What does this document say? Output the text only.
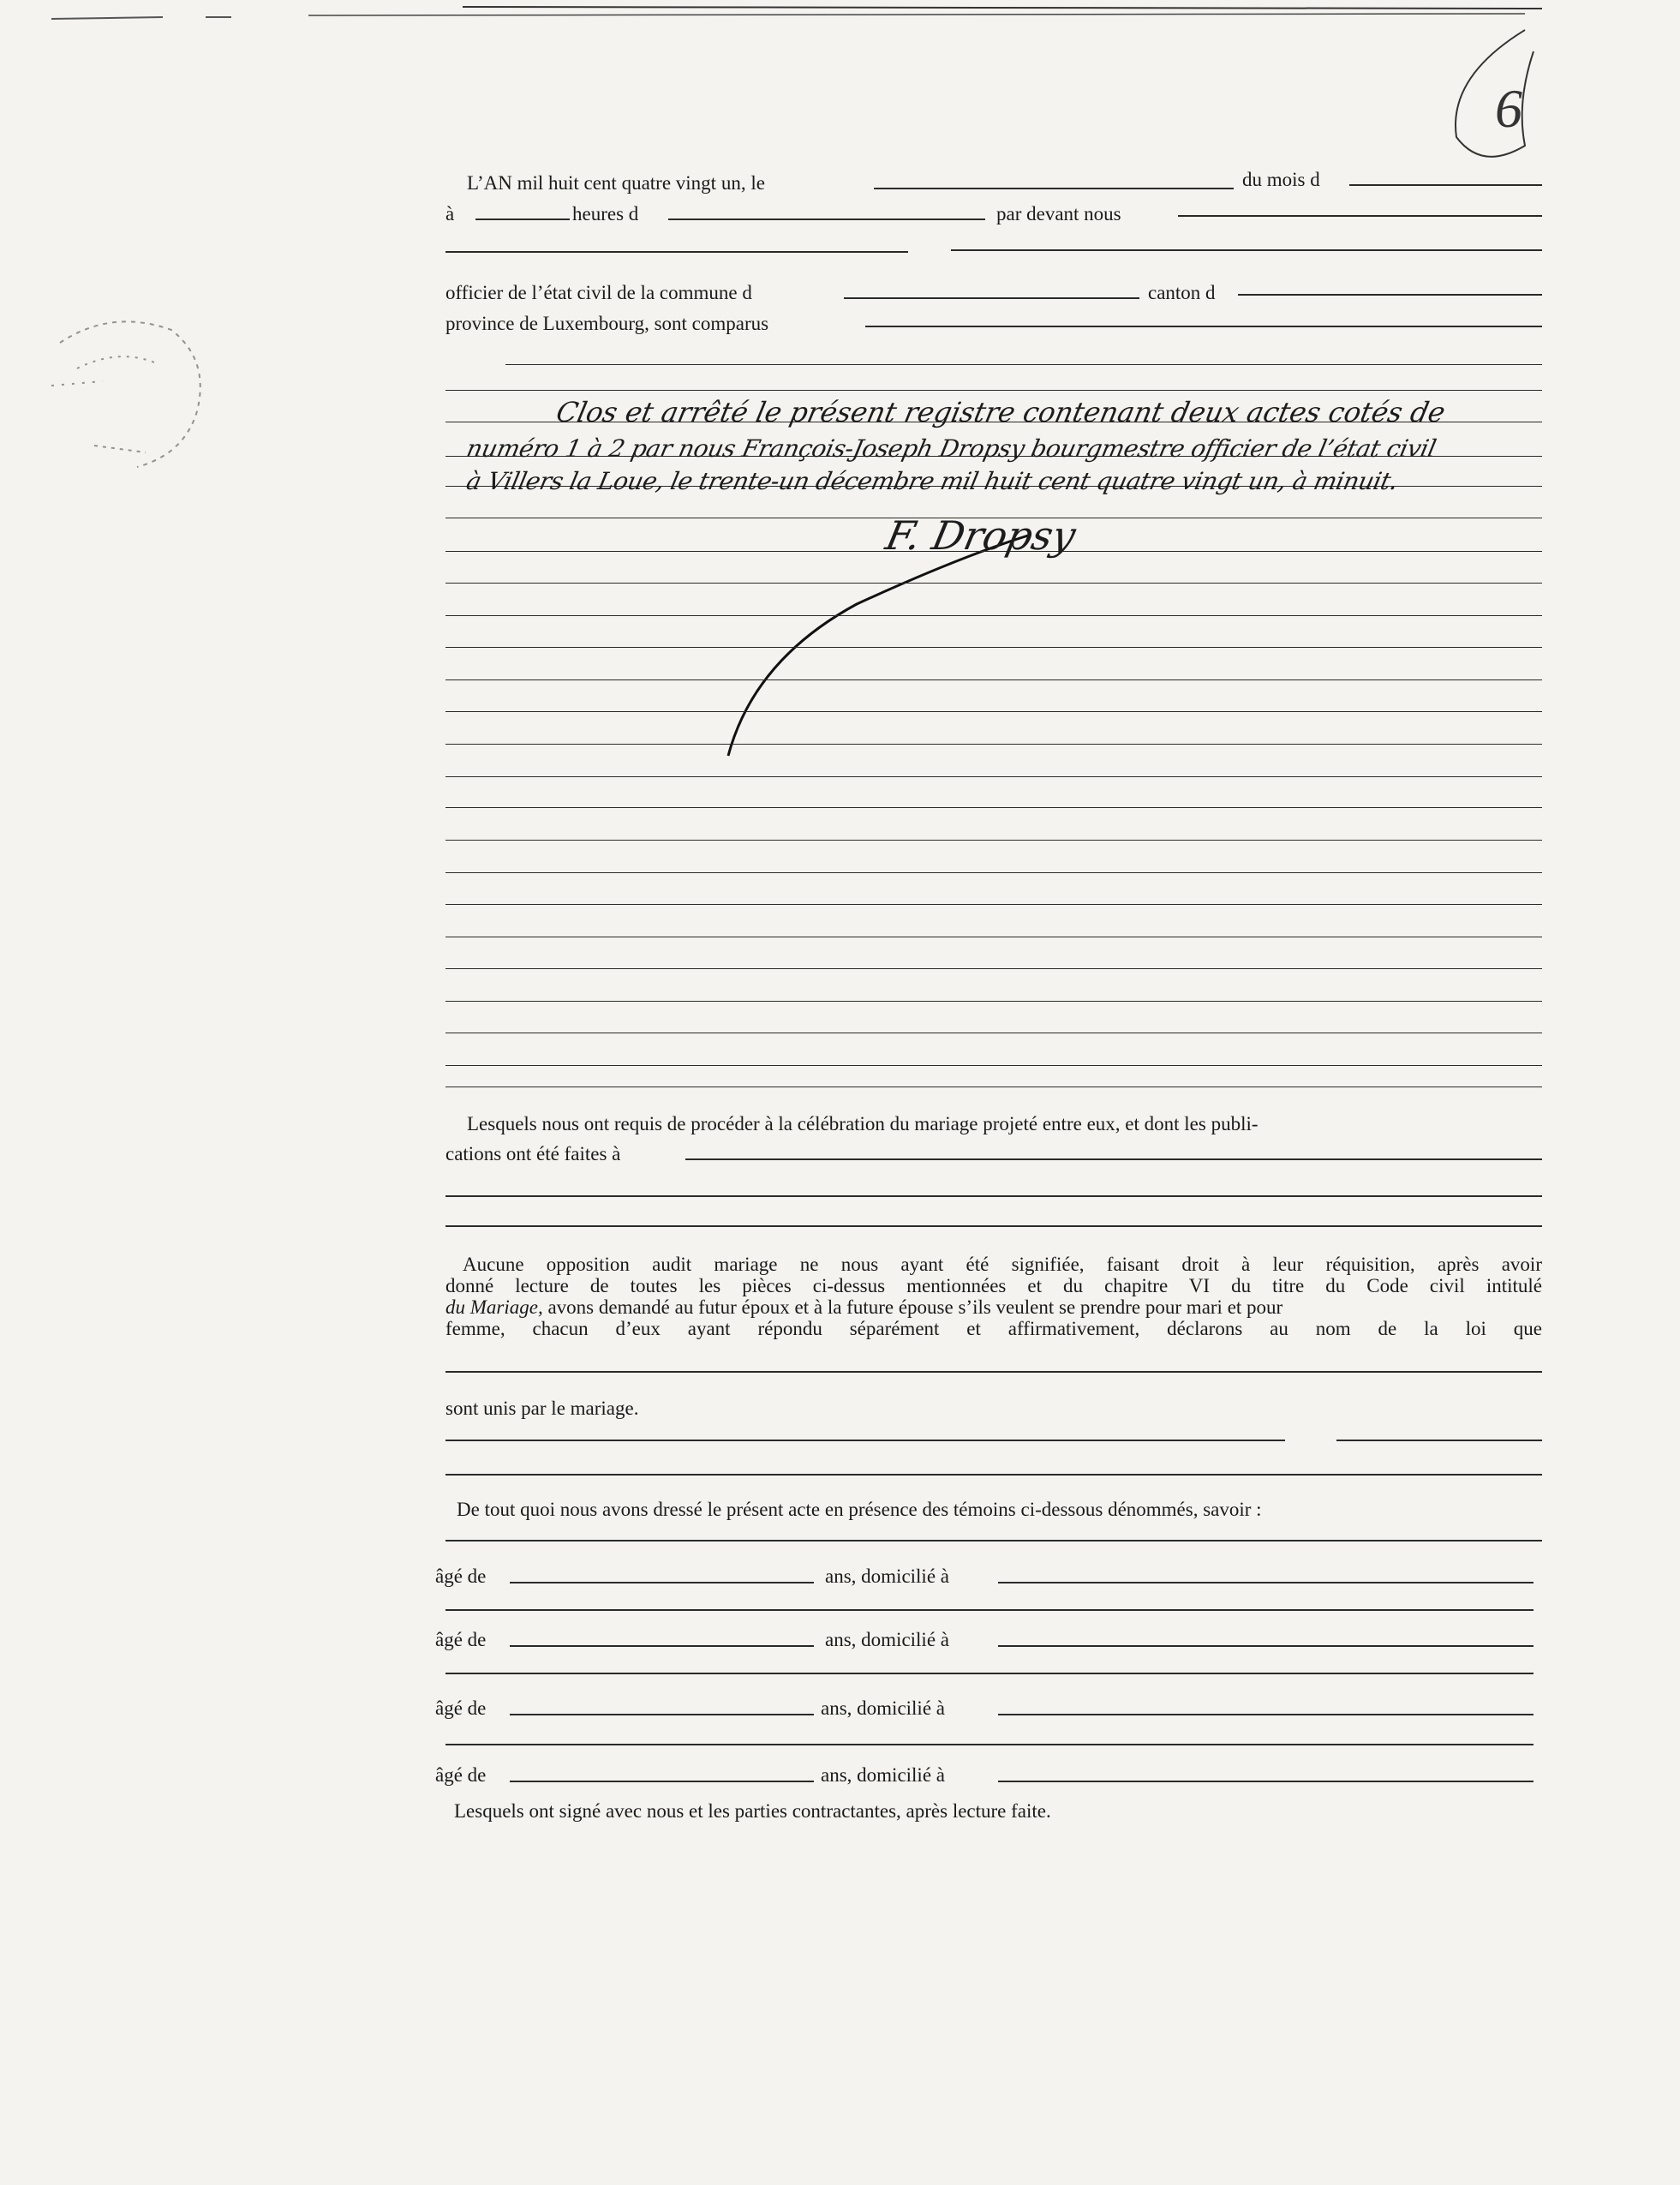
6
L’AN mil huit cent quatre vingt un, le	du mois d
à	heures d	par devant nous
officier de l’état civil de la commune d	canton d
province de Luxembourg, sont comparus
Clos et arrêté le présent registre contenant deux actes cotés de
numéro 1 à 2 par nous François-Joseph Dropsy bourgmestre officier de l’état civil
à Villers la Loue, le trente-un décembre mil huit cent quatre vingt un, à minuit.
F. Dropsy
Lesquels nous ont requis de procéder à la célébration du mariage projeté entre eux, et dont les publi-
cations ont été faites à
Aucune opposition audit mariage ne nous ayant été signifiée, faisant droit à leur réquisition, après avoir
donné lecture de toutes les pièces ci-dessus mentionnées et du chapitre VI du titre du Code civil intitulé
du Mariage, avons demandé au futur époux et à la future épouse s’ils veulent se prendre pour mari et pour
femme, chacun d’eux ayant répondu séparément et affirmativement, déclarons au nom de la loi que
sont unis par le mariage.
De tout quoi nous avons dressé le présent acte en présence des témoins ci-dessous dénommés, savoir :
âgé de	ans, domicilié à
âgé de	ans, domicilié à
âgé de	ans, domicilié à
âgé de	ans, domicilié à
Lesquels ont signé avec nous et les parties contractantes, après lecture faite.
